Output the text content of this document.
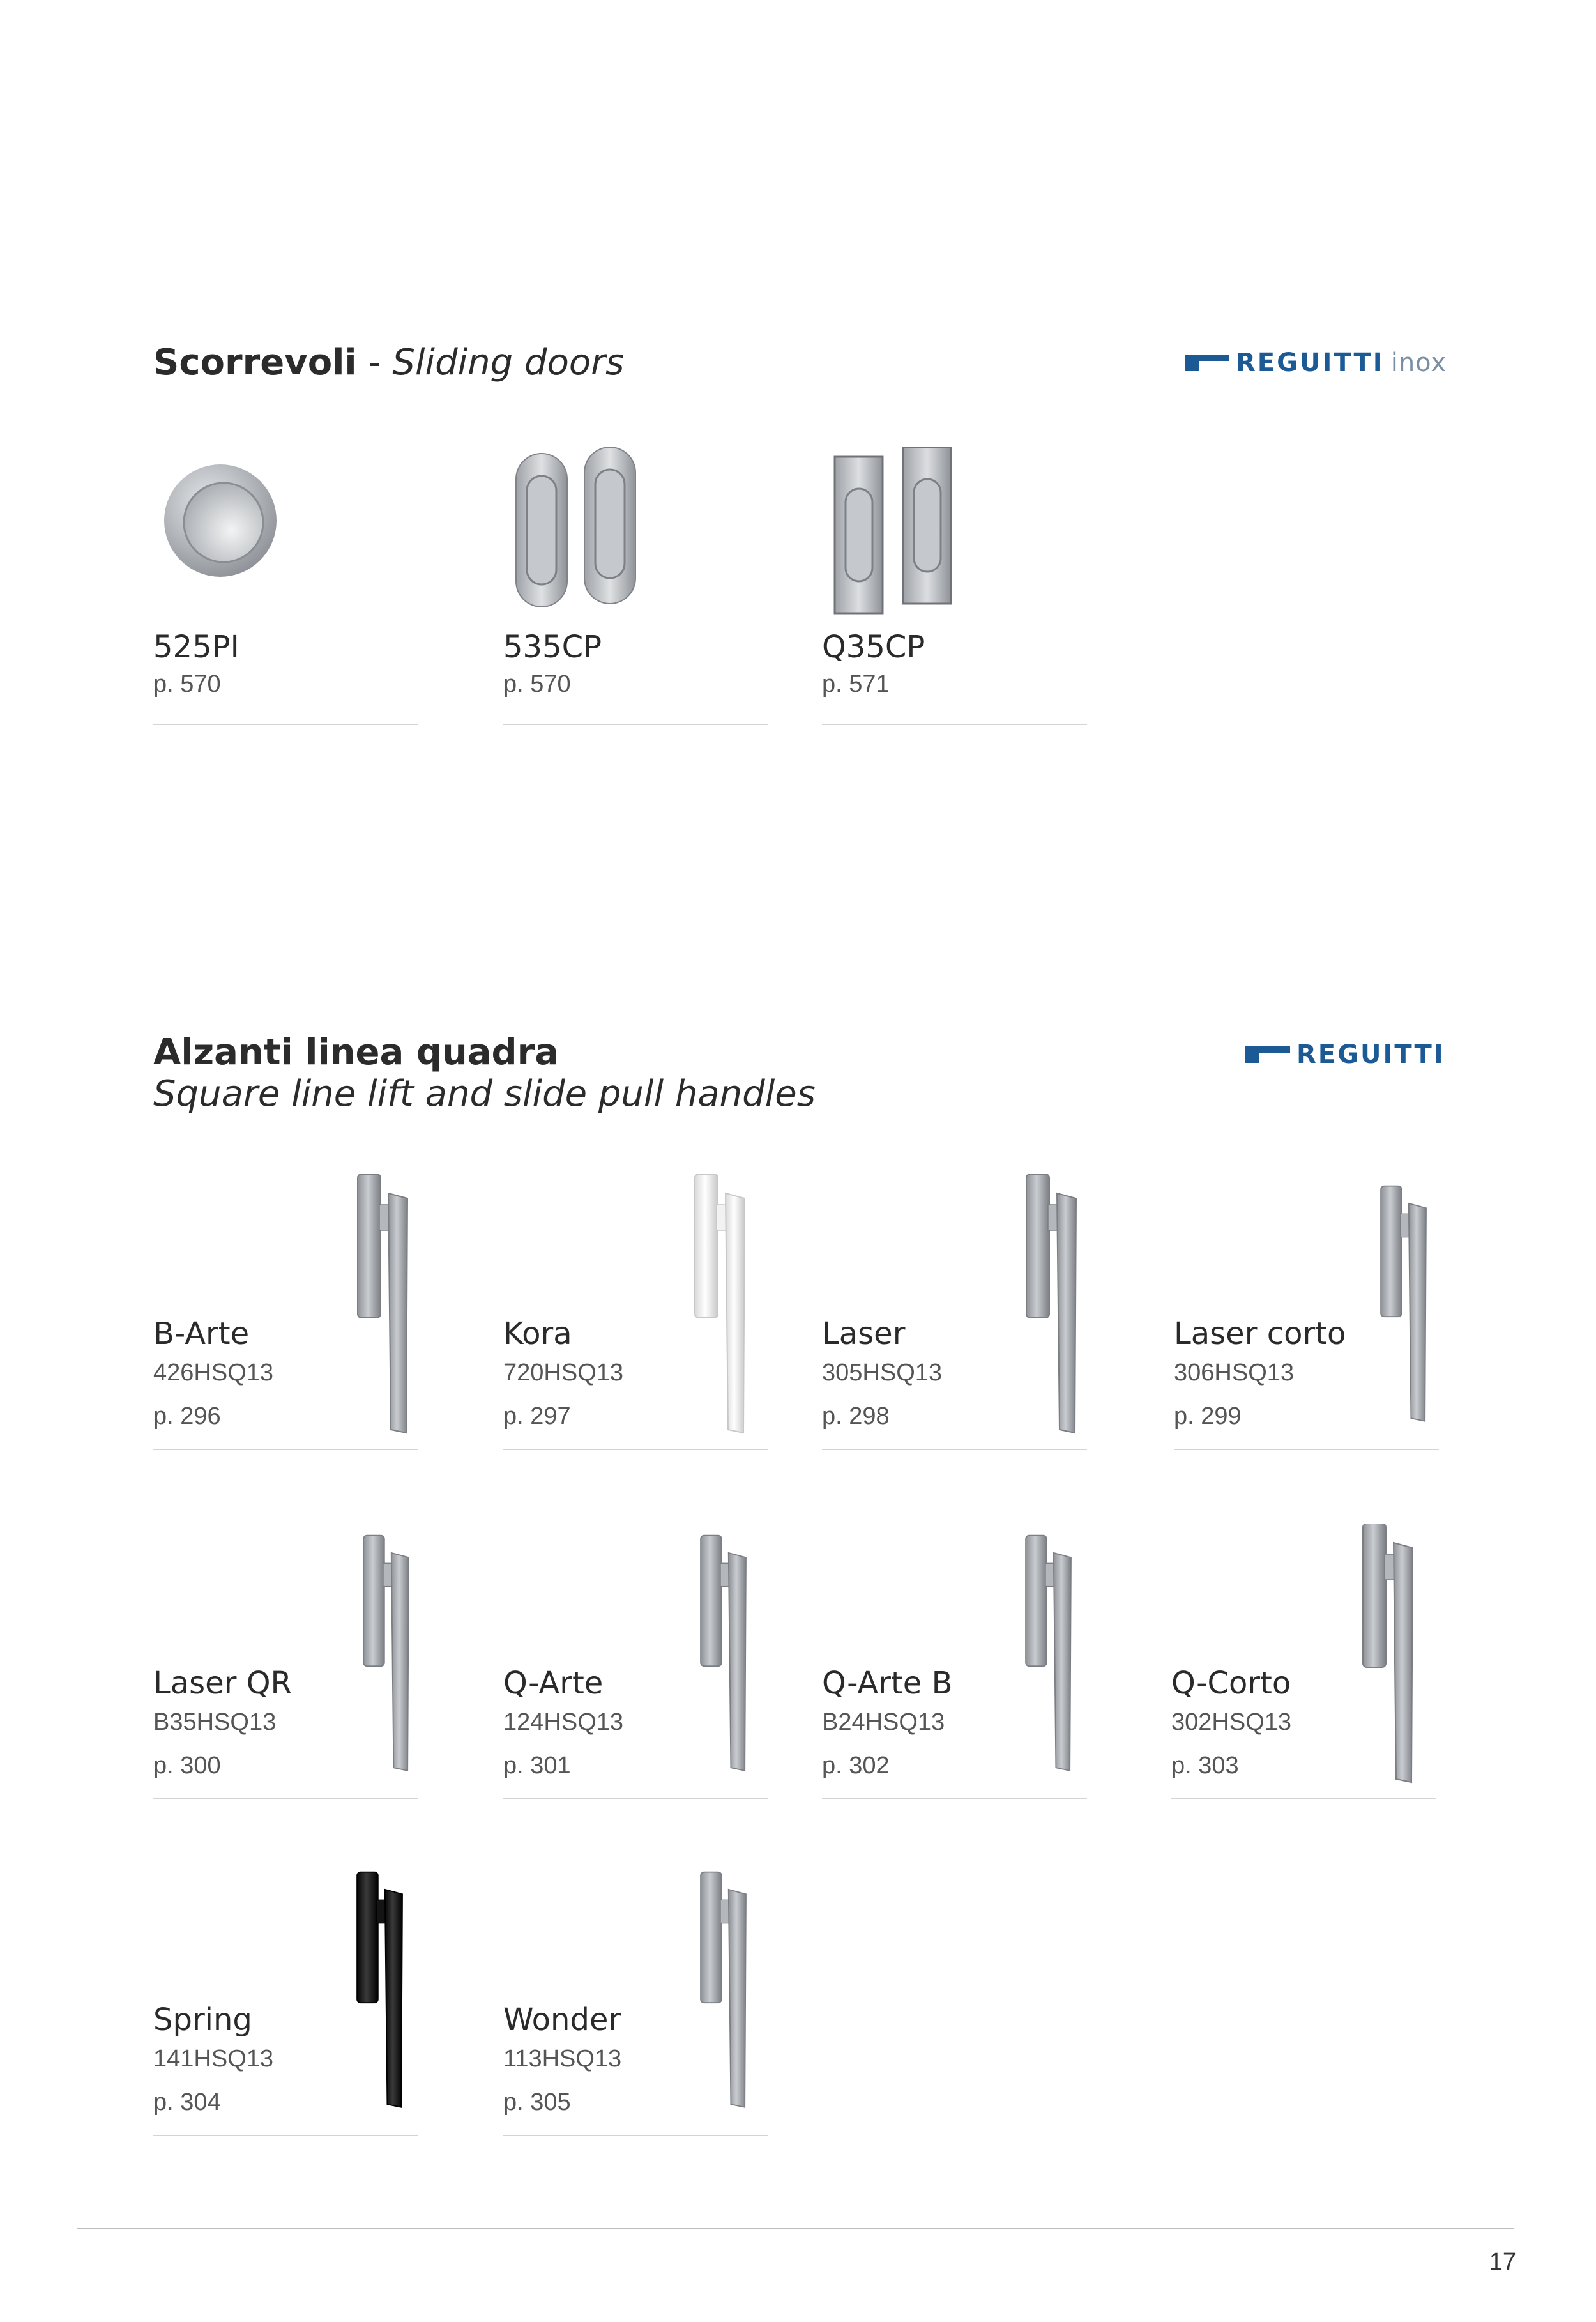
Scorrevoli - Sliding doors	REGUITTI inox
525PI
p. 570
535CP
p. 570
Q35CP
p. 571
Alzanti linea quadra
Square line lift and slide pull handles
REGUITTI
B-Arte
426HSQ13
p. 296
Kora
720HSQ13
p. 297
Laser
305HSQ13
p. 298
Laser corto
306HSQ13
p. 299
Laser QR
B35HSQ13
p. 300
Q-Arte
124HSQ13
p. 301
Q-Arte B
B24HSQ13
p. 302
Q-Corto
302HSQ13
p. 303
Spring
141HSQ13
p. 304
Wonder
113HSQ13
p. 305
17
